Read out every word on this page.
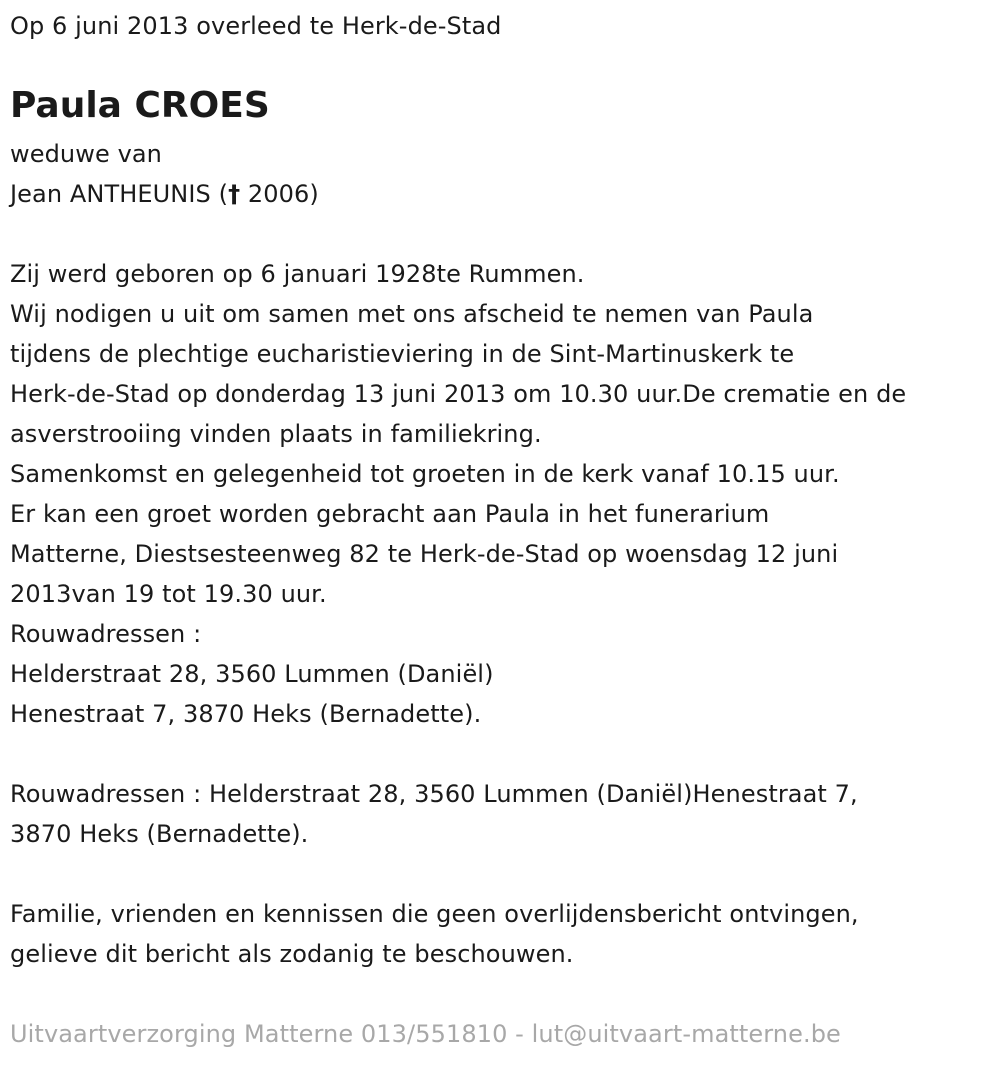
Op 6 juni 2013 overleed te Herk-de-Stad
Paula CROES
weduwe van
Jean ANTHEUNIS († 2006)
Zij werd geboren op 6 januari 1928te Rummen.
Wij nodigen u uit om samen met ons afscheid te nemen van Paula
tijdens de plechtige eucharistieviering in de Sint-Martinuskerk te
Herk-de-Stad op donderdag 13 juni 2013 om 10.30 uur.De crematie en de
asverstrooiing vinden plaats in familiekring.
Samenkomst en gelegenheid tot groeten in de kerk vanaf 10.15 uur.
Er kan een groet worden gebracht aan Paula in het funerarium
Matterne, Diestsesteenweg 82 te Herk-de-Stad op woensdag 12 juni
2013van 19 tot 19.30 uur.
Rouwadressen :
Helderstraat 28, 3560 Lummen (Daniël)
Henestraat 7, 3870 Heks (Bernadette).
Rouwadressen : Helderstraat 28, 3560 Lummen (Daniël)Henestraat 7,
3870 Heks (Bernadette).
Familie, vrienden en kennissen die geen overlijdensbericht ontvingen,
gelieve dit bericht als zodanig te beschouwen.
Uitvaartverzorging Matterne 013/551810 - lut@uitvaart-matterne.be
